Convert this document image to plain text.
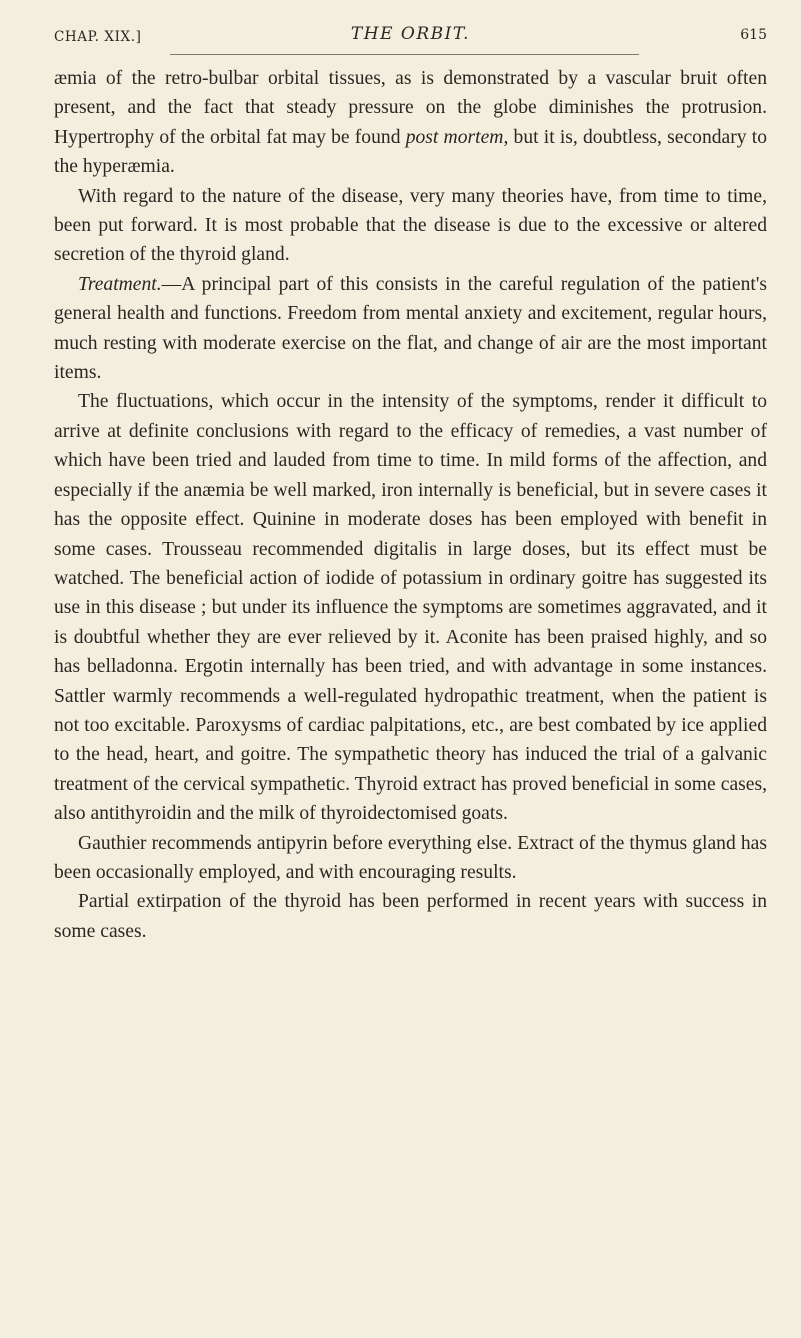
CHAP. XIX.]	THE ORBIT.	615

æmia of the retro-bulbar orbital tissues, as is demonstrated by a vascular bruit often present, and the fact that steady pressure on the globe diminishes the protrusion. Hypertrophy of the orbital fat may be found post mortem, but it is, doubtless, secondary to the hyperæmia.

With regard to the nature of the disease, very many theories have, from time to time, been put forward. It is most probable that the disease is due to the excessive or altered secretion of the thyroid gland.

Treatment.—A principal part of this consists in the careful regulation of the patient's general health and functions. Freedom from mental anxiety and excitement, regular hours, much resting with moderate exercise on the flat, and change of air are the most important items.

The fluctuations, which occur in the intensity of the symptoms, render it difficult to arrive at definite conclusions with regard to the efficacy of remedies, a vast number of which have been tried and lauded from time to time. In mild forms of the affection, and especially if the anæmia be well marked, iron internally is beneficial, but in severe cases it has the opposite effect. Quinine in moderate doses has been employed with benefit in some cases. Trousseau recommended digitalis in large doses, but its effect must be watched. The beneficial action of iodide of potassium in ordinary goitre has suggested its use in this disease ; but under its influence the symptoms are sometimes aggravated, and it is doubtful whether they are ever relieved by it. Aconite has been praised highly, and so has belladonna. Ergotin internally has been tried, and with advantage in some instances. Sattler warmly recommends a well-regulated hydropathic treatment, when the patient is not too excitable. Paroxysms of cardiac palpitations, etc., are best combated by ice applied to the head, heart, and goitre. The sympathetic theory has induced the trial of a galvanic treatment of the cervical sympathetic. Thyroid extract has proved beneficial in some cases, also antithyroidin and the milk of thyroidectomised goats.

Gauthier recommends antipyrin before everything else. Extract of the thymus gland has been occasionally employed, and with encouraging results.

Partial extirpation of the thyroid has been performed in recent years with success in some cases.
